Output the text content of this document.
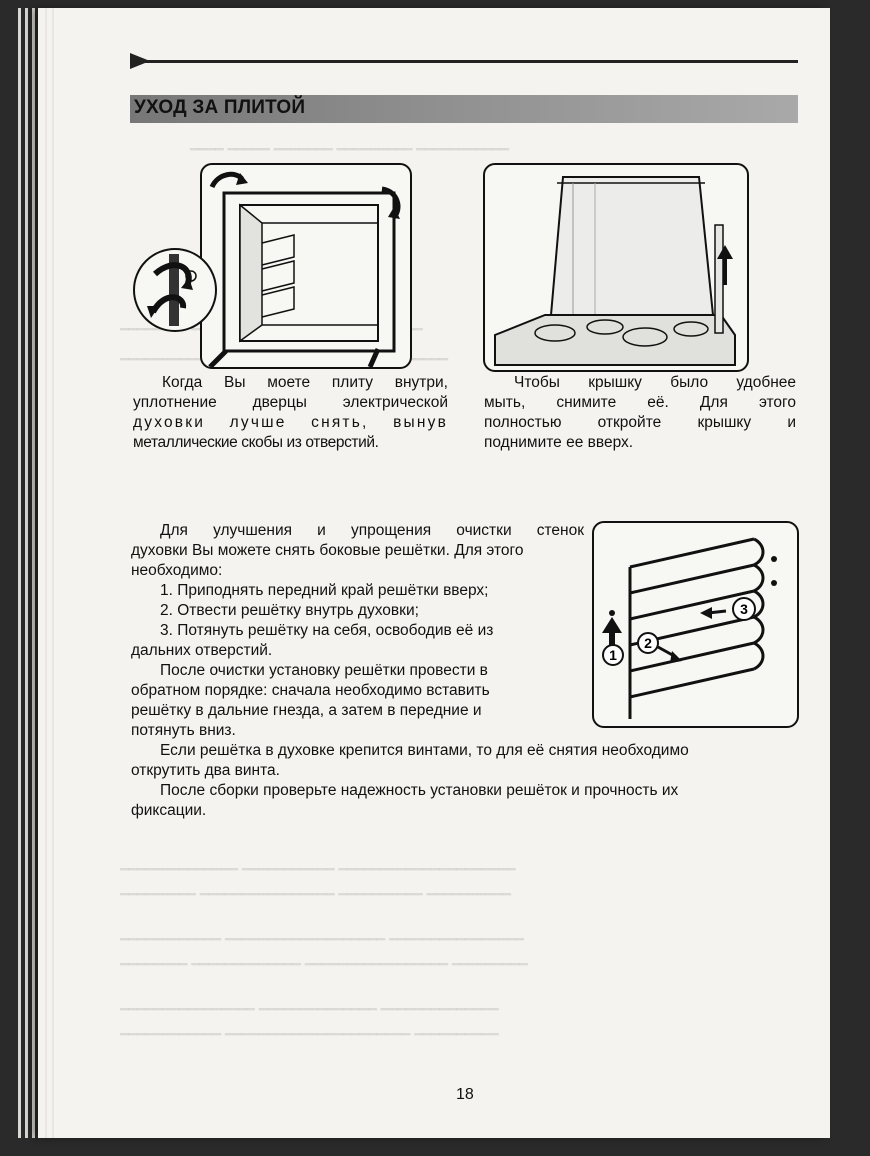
УХОД ЗА ПЛИТОЙ
Когда Вы моете плиту внутри,
уплотнение дверцы электрической
духовки лучше снять, вынув
металлические скобы из отверстий.
Чтобы крышку было удобнее
мыть, снимите её. Для этого
полностью откройте крышку и
поднимите ее вверх.
1
2
3
Для улучшения и упрощения очистки стенок
духовки Вы можете снять боковые решётки. Для этого
необходимо:
1. Приподнять передний край решётки вверх;
2. Отвести решётку внутрь духовки;
3. Потянуть решётку на себя, освободив её из
дальних отверстий.
После очистки установку решётки провести в
обратном порядке: сначала необходимо вставить
решётку в дальние гнезда, а затем в передние и
потянуть вниз.
Если решётка в духовке крепится винтами, то для её снятия необходимо
открутить два винта.
После сборки проверьте надежность установки решёток и прочность их
фиксации.
18
